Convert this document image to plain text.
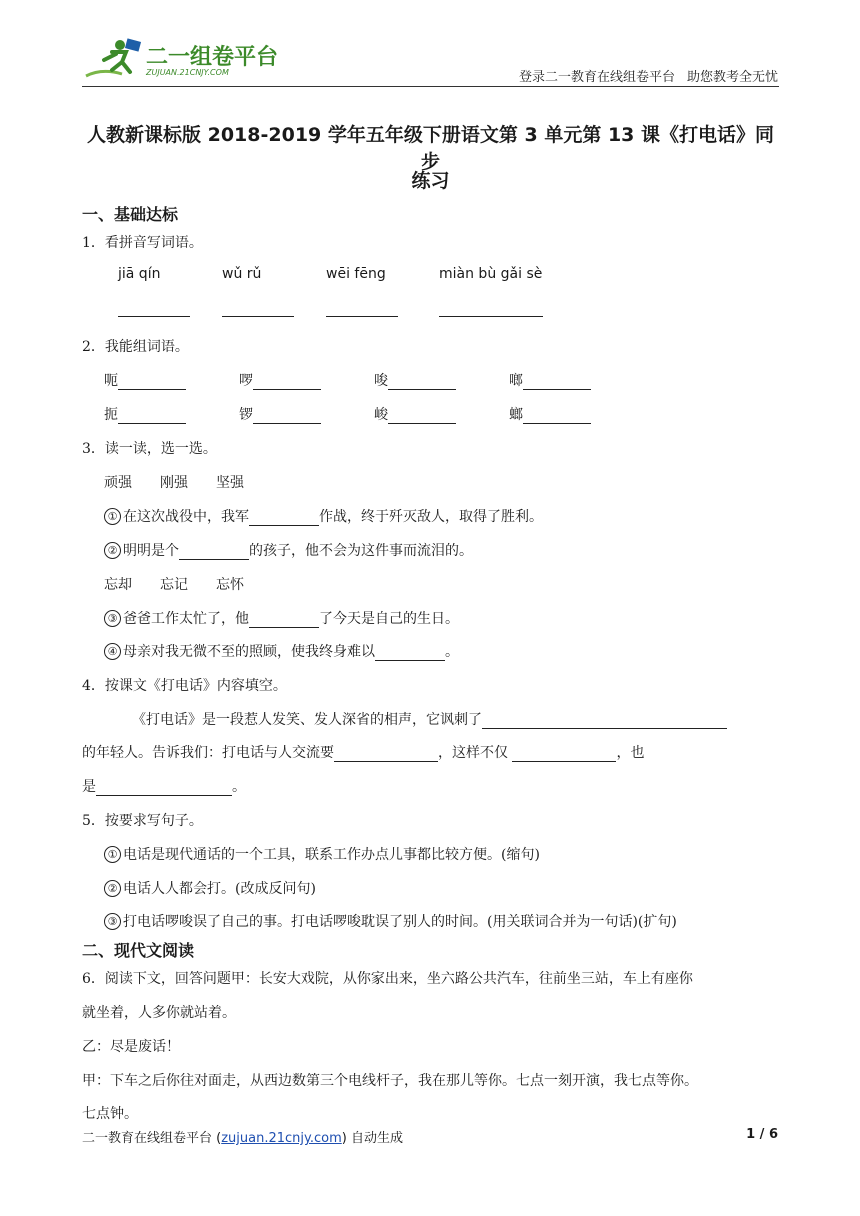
二一组卷平台
ZUJUAN.21CNJY.COM	登录二一教育在线组卷平台 助您教考全无忧
人教新课标版 2018-2019 学年五年级下册语文第 3 单元第 13 课《打电话》同步
练习
一、基础达标
1．看拼音写词语。
jiā qín	wǔ rǔ	wēi fēng	miàn bù gǎi sè
2．我能组词语。
呃	啰	唆	啷
扼	锣	峻	螂
3．读一读，选一选。
顽强　　刚强　　坚强
① 在这次战役中，我军	作战，终于歼灭敌人，取得了胜利。
② 明明是个	的孩子，他不会为这件事而流泪的。
忘却　　忘记　　忘怀
③ 爸爸工作太忙了，他	了今天是自己的生日。
④ 母亲对我无微不至的照顾，使我终身难以	。
4．按课文《打电话》内容填空。
《打电话》是一段惹人发笑、发人深省的相声，它讽刺了
的年轻人。告诉我们：打电话与人交流要	，这样不仅	，也
是	。
5．按要求写句子。
① 电话是现代通话的一个工具，联系工作办点儿事都比较方便。(缩句)
② 电话人人都会打。(改成反问句)
③ 打电话啰唆误了自己的事。打电话啰唆耽误了别人的时间。(用关联词合并为一句话)(扩句)
二、现代文阅读
6．阅读下文，回答问题甲：长安大戏院，从你家出来，坐六路公共汽车，往前坐三站，车上有座你
就坐着，人多你就站着。
乙：尽是废话！
甲：下车之后你往对面走，从西边数第三个电线杆子，我在那儿等你。七点一刻开演，我七点等你。
七点钟。
二一教育在线组卷平台 (zujuan.21cnjy.com) 自动生成	1 / 6
